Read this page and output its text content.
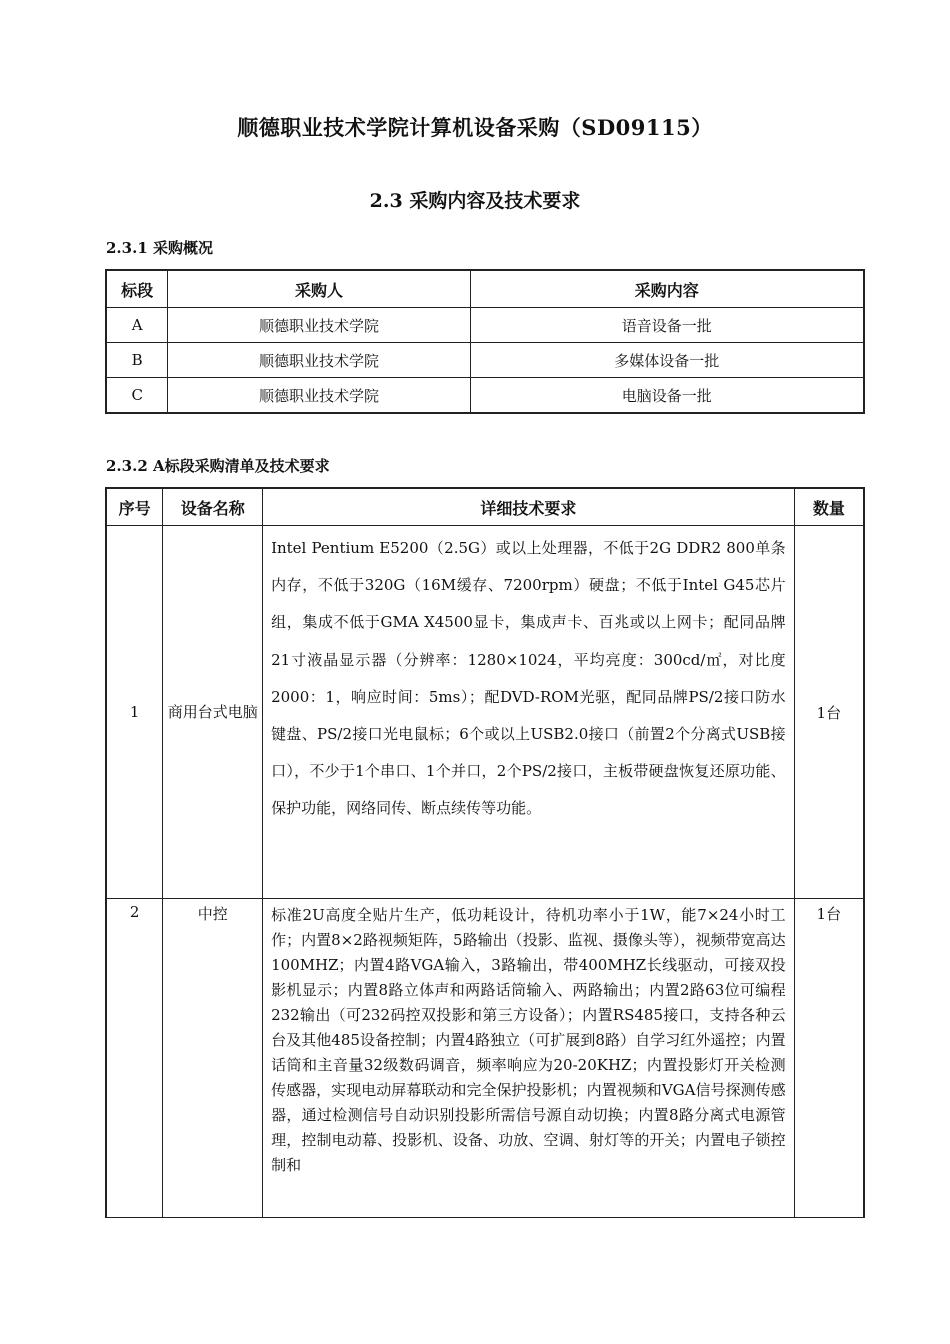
顺德职业技术学院计算机设备采购（SD09115）
2.3 采购内容及技术要求
2.3.1 采购概况
标段	采购人	采购内容
A	顺德职业技术学院	语音设备一批
B	顺德职业技术学院	多媒体设备一批
C	顺德职业技术学院	电脑设备一批
2.3.2 A标段采购清单及技术要求
序号	设备名称	详细技术要求	数量
1	商用台式电脑	Intel Pentium E5200（2.5G）或以上处理器，不低于2G DDR2 800单条内存，不低于320G（16M缓存、7200rpm）硬盘；不低于Intel G45芯片组，集成不低于GMA X4500显卡，集成声卡、百兆或以上网卡；配同品牌21寸液晶显示器（分辨率：1280×1024，平均亮度：300cd/㎡，对比度2000：1，响应时间：5ms）；配DVD-ROM光驱，配同品牌PS/2接口防水键盘、PS/2接口光电鼠标；6个或以上USB2.0接口（前置2个分离式USB接口），不少于1个串口、1个并口，2个PS/2接口，主板带硬盘恢复还原功能、保护功能，网络同传、断点续传等功能。	1台
2	中控	标准2U高度全贴片生产，低功耗设计，待机功率小于1W，能7×24小时工作；内置8×2路视频矩阵，5路输出（投影、监视、摄像头等），视频带宽高达100MHZ；内置4路VGA输入，3路输出，带400MHZ长线驱动，可接双投影机显示；内置8路立体声和两路话筒输入、两路输出；内置2路63位可编程232输出（可232码控双投影和第三方设备）；内置RS485接口，支持各种云台及其他485设备控制；内置4路独立（可扩展到8路）自学习红外遥控；内置话筒和主音量32级数码调音，频率响应为20-20KHZ；内置投影灯开关检测传感器，实现电动屏幕联动和完全保护投影机；内置视频和VGA信号探测传感器，通过检测信号自动识别投影所需信号源自动切换；内置8路分离式电源管理，控制电动幕、投影机、设备、功放、空调、射灯等的开关；内置电子锁控制和	1台
